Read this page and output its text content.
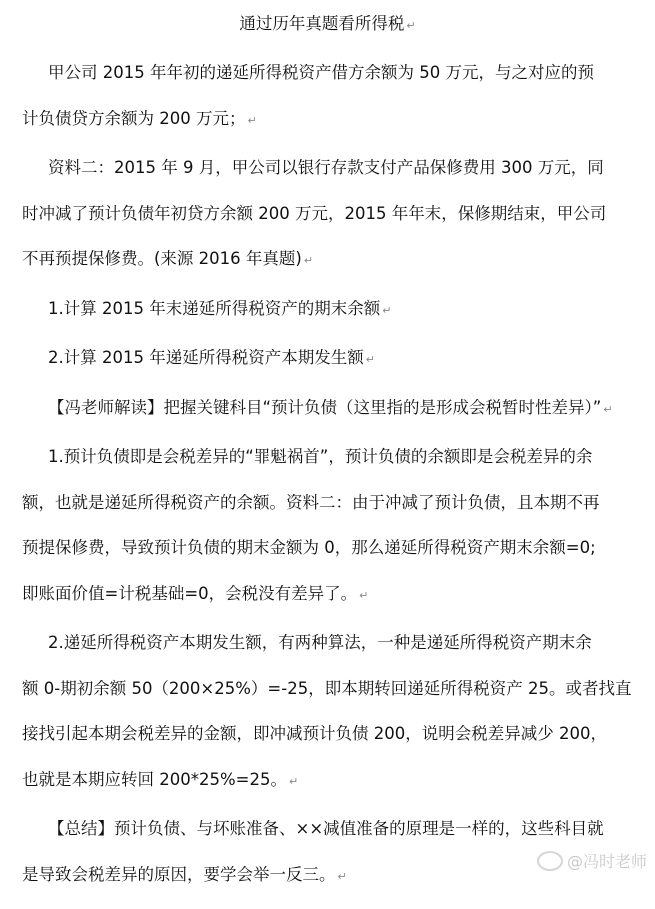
通过历年真题看所得税 ↵
甲公司 2015 年年初的递延所得税资产借方余额为 50 万元，与之对应的预
计负债贷方余额为 200 万元； ↵
资料二：2015 年 9 月，甲公司以银行存款支付产品保修费用 300 万元，同
时冲减了预计负债年初贷方余额 200 万元，2015 年年末，保修期结束，甲公司
不再预提保修费。(来源 2016 年真题) ↵
1.计算 2015 年末递延所得税资产的期末余额 ↵
2.计算 2015 年递延所得税资产本期发生额 ↵
【冯老师解读】把握关键科目“预计负债（这里指的是形成会税暂时性差异）” ↵
1.预计负债即是会税差异的“罪魁祸首”，预计负债的余额即是会税差异的余
额，也就是递延所得税资产的余额。资料二：由于冲减了预计负债，且本期不再
预提保修费，导致预计负债的期末金额为 0，那么递延所得税资产期末余额=0;
即账面价值=计税基础=0，会税没有差异了。 ↵
2.递延所得税资产本期发生额，有两种算法，一种是递延所得税资产期末余
额 0-期初余额 50（200×25%）=-25，即本期转回递延所得税资产 25。或者找直
接找引起本期会税差异的金额，即冲减预计负债 200，说明会税差异减少 200，
也就是本期应转回 200*25%=25。 ↵
【总结】预计负债、与坏账准备、××减值准备的原理是一样的，这些科目就
是导致会税差异的原因，要学会举一反三。 ↵
@冯时老师
